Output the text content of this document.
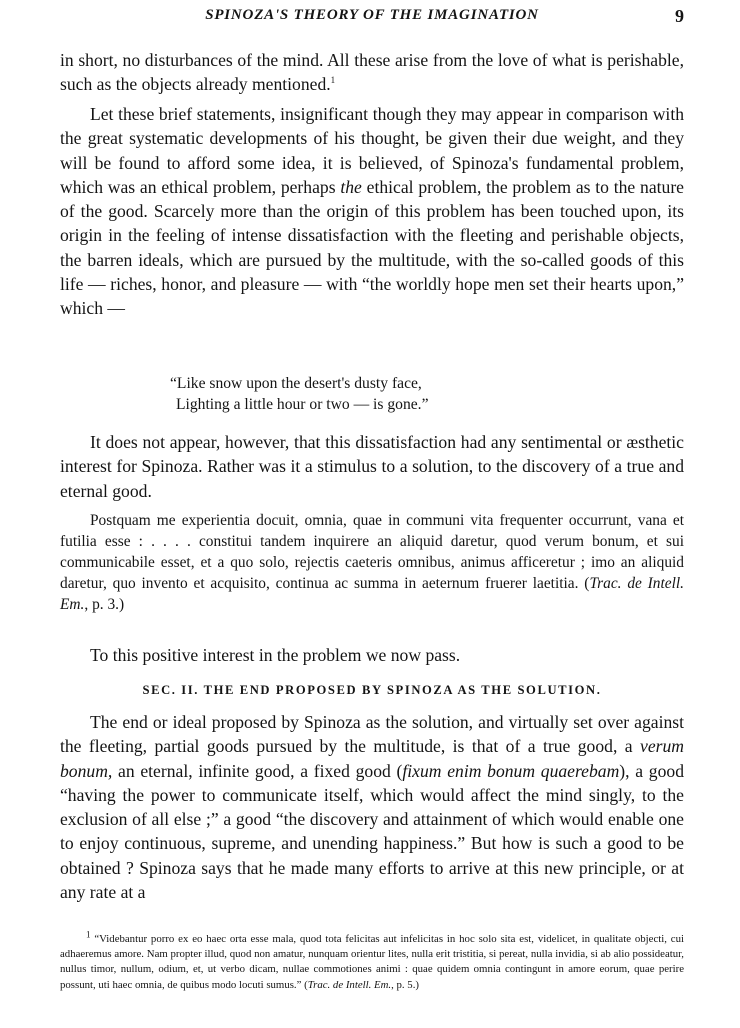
SPINOZA'S THEORY OF THE IMAGINATION	9

in short, no disturbances of the mind. All these arise from the love of what is perishable, such as the objects already mentioned.$^1$

Let these brief statements, insignificant though they may appear in comparison with the great systematic developments of his thought, be given their due weight, and they will be found to afford some idea, it is believed, of Spinoza's fundamental problem, which was an ethical problem, perhaps the ethical problem, the problem as to the nature of the good. Scarcely more than the origin of this problem has been touched upon, its origin in the feeling of intense dissatisfaction with the fleeting and perishable objects, the barren ideals, which are pursued by the multitude, with the so-called goods of this life — riches, honor, and pleasure — with “the worldly hope men set their hearts upon,” which —

“Like snow upon the desert's dusty face,
Lighting a little hour or two — is gone.”

It does not appear, however, that this dissatisfaction had any sentimental or æsthetic interest for Spinoza. Rather was it a stimulus to a solution, to the discovery of a true and eternal good.

Postquam me experientia docuit, omnia, quae in communi vita frequenter occurrunt, vana et futilia esse : . . . . constitui tandem inquirere an aliquid daretur, quod verum bonum, et sui communicabile esset, et a quo solo, rejectis caeteris omnibus, animus afficeretur ; imo an aliquid daretur, quo invento et acquisito, continua ac summa in aeternum fruerer laetitia. (Trac. de Intell. Em., p. 3.)

To this positive interest in the problem we now pass.

SEC. II. THE END PROPOSED BY SPINOZA AS THE SOLUTION.

The end or ideal proposed by Spinoza as the solution, and virtually set over against the fleeting, partial goods pursued by the multitude, is that of a true good, a verum bonum, an eternal, infinite good, a fixed good (fixum enim bonum quaerebam), a good “having the power to communicate itself, which would affect the mind singly, to the exclusion of all else ;” a good “the discovery and attainment of which would enable one to enjoy continuous, supreme, and unending happiness.” But how is such a good to be obtained ? Spinoza says that he made many efforts to arrive at this new principle, or at any rate at a

$^1$ “Videbantur porro ex eo haec orta esse mala, quod tota felicitas aut infelicitas in hoc solo sita est, videlicet, in qualitate objecti, cui adhaeremus amore. Nam propter illud, quod non amatur, nunquam orientur lites, nulla erit tristitia, si pereat, nulla invidia, si ab alio possideatur, nullus timor, nullum, odium, et, ut verbo dicam, nullae commotiones animi : quae quidem omnia contingunt in amore eorum, quae perire possunt, uti haec omnia, de quibus modo locuti sumus.” (Trac. de Intell. Em., p. 5.)
